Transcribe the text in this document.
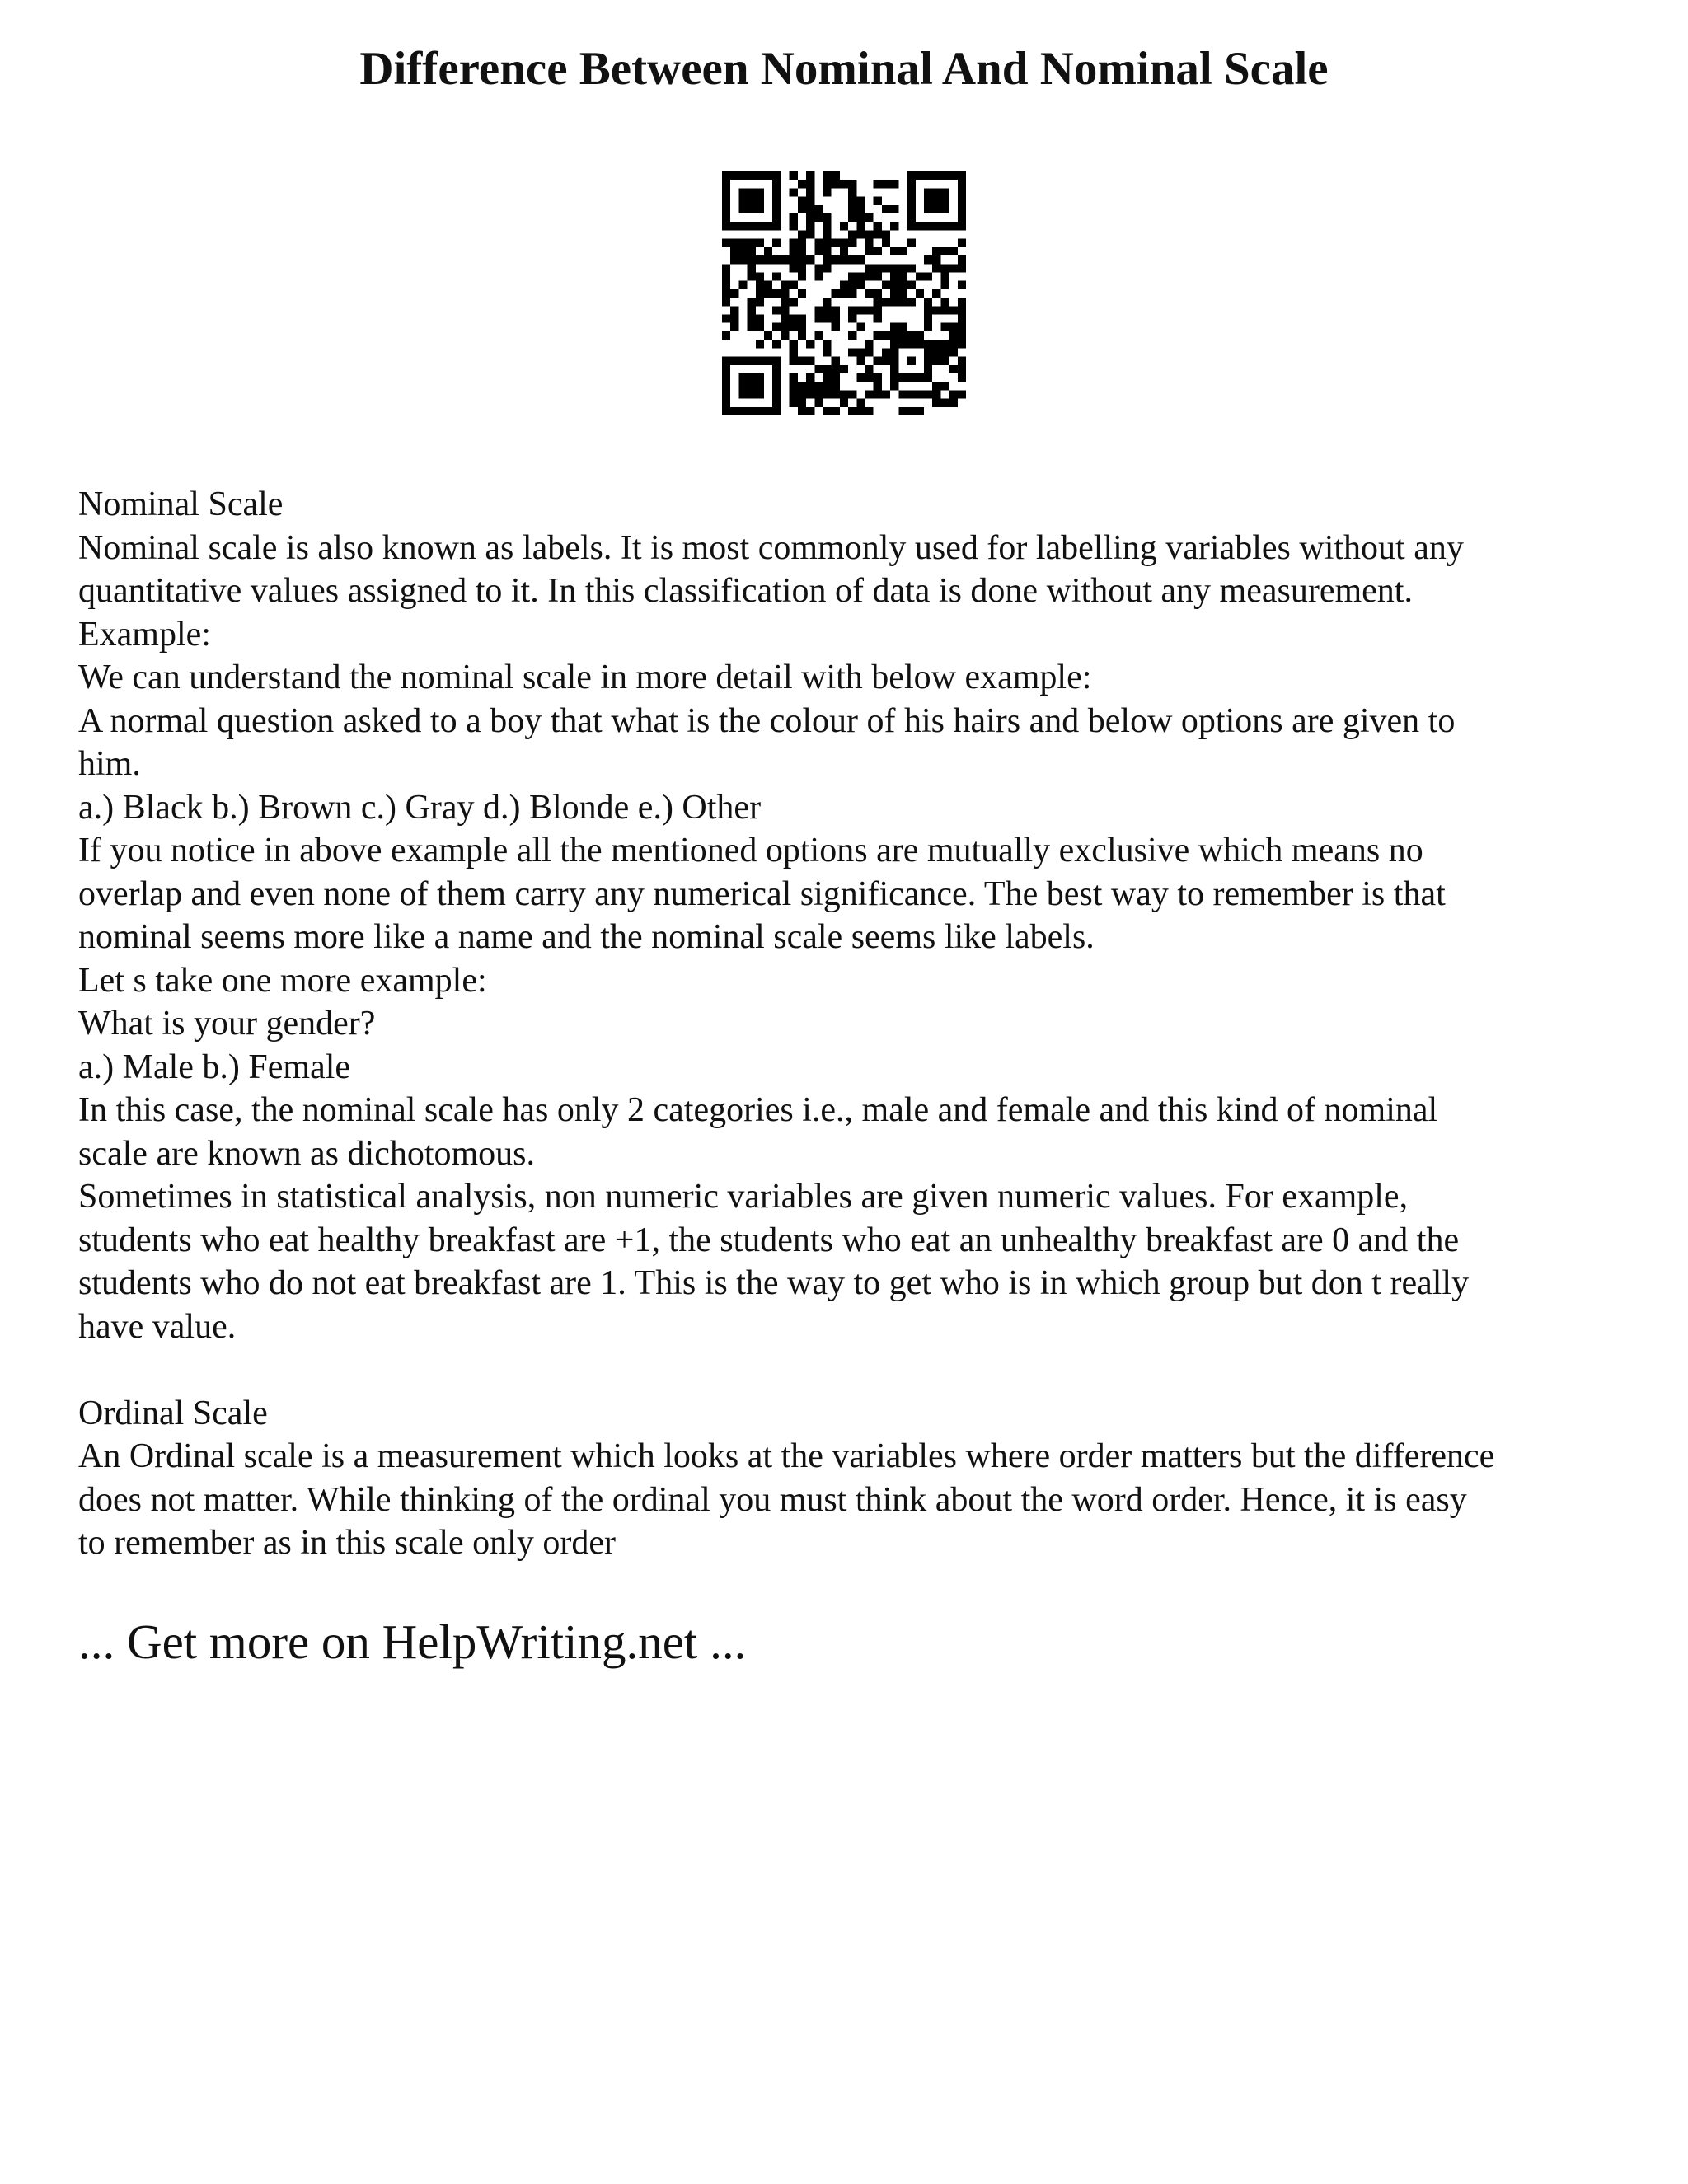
Difference Between Nominal And Nominal Scale
Nominal Scale
Nominal scale is also known as labels. It is most commonly used for labelling variables without any
quantitative values assigned to it. In this classification of data is done without any measurement.
Example:
We can understand the nominal scale in more detail with below example:
A normal question asked to a boy that what is the colour of his hairs and below options are given to
him.
a.) Black b.) Brown c.) Gray d.) Blonde e.) Other
If you notice in above example all the mentioned options are mutually exclusive which means no
overlap and even none of them carry any numerical significance. The best way to remember is that
nominal seems more like a name and the nominal scale seems like labels.
Let s take one more example:
What is your gender?
a.) Male b.) Female
In this case, the nominal scale has only 2 categories i.e., male and female and this kind of nominal
scale are known as dichotomous.
Sometimes in statistical analysis, non numeric variables are given numeric values. For example,
students who eat healthy breakfast are +1, the students who eat an unhealthy breakfast are 0 and the
students who do not eat breakfast are 1. This is the way to get who is in which group but don t really
have value.
Ordinal Scale
An Ordinal scale is a measurement which looks at the variables where order matters but the difference
does not matter. While thinking of the ordinal you must think about the word order. Hence, it is easy
to remember as in this scale only order
... Get more on HelpWriting.net ...
